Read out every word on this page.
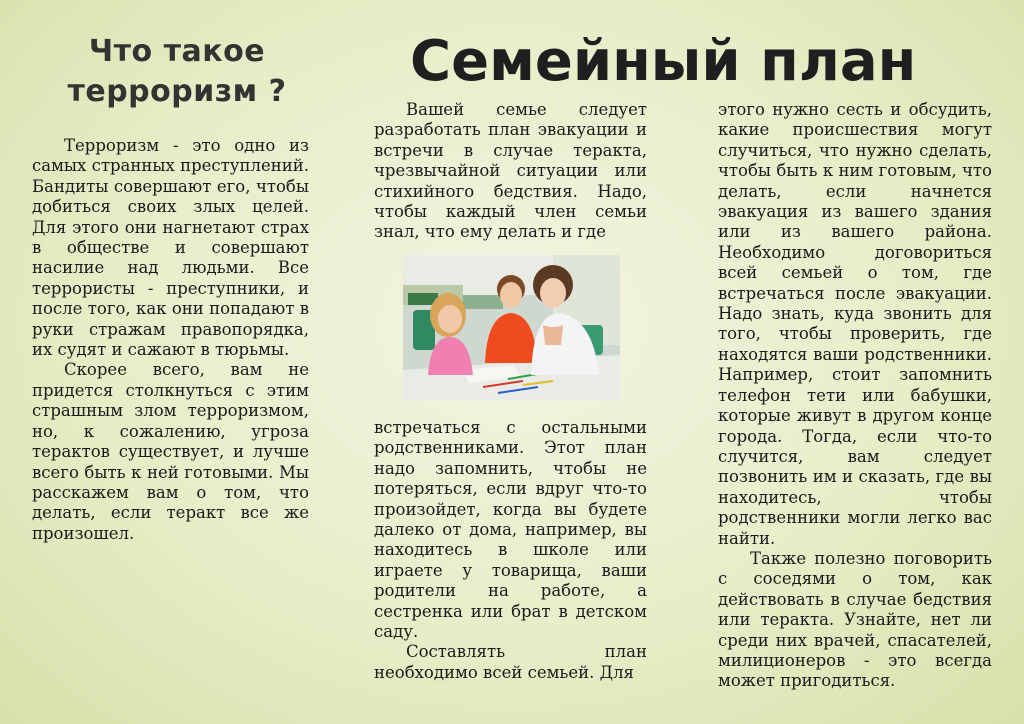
Что такое
терроризм ? Семейный план

Терроризм - это одно из самых странных преступлений. Бандиты совершают его, чтобы добиться своих злых целей. Для этого они нагнетают страх в обществе и совершают насилие над людьми. Все террористы - преступники, и после того, как они попадают в руки стражам правопорядка, их судят и сажают в тюрьмы.

Скорее всего, вам не придется столкнуться с этим страшным злом терроризмом, но, к сожалению, угроза терактов существует, и лучше всего быть к ней готовыми. Мы расскажем вам о том, что делать, если теракт все же произошел.

Вашей семье следует разработать план эвакуации и встречи в случае теракта, чрезвычайной ситуации или стихийного бедствия. Надо, чтобы каждый член семьи знал, что ему делать и где

встречаться с остальными родственниками. Этот план надо запомнить, чтобы не потеряться, если вдруг что-то произойдет, когда вы будете далеко от дома, например, вы находитесь в школе или играете у товарища, ваши родители на работе, а сестренка или брат в детском саду.

Составлять план необходимо всей семьей. Для

этого нужно сесть и обсудить, какие происшествия могут случиться, что нужно сделать, чтобы быть к ним готовым, что делать, если начнется эвакуация из вашего здания или из вашего района. Необходимо договориться всей семьей о том, где встречаться после эвакуации. Надо знать, куда звонить для того, чтобы проверить, где находятся ваши родственники. Например, стоит запомнить телефон тети или бабушки, которые живут в другом конце города. Тогда, если что-то случится, вам следует позвонить им и сказать, где вы находитесь, чтобы родственники могли легко вас найти.

Также полезно поговорить с соседями о том, как действовать в случае бедствия или теракта. Узнайте, нет ли среди них врачей, спасателей, милиционеров - это всегда может пригодиться.
